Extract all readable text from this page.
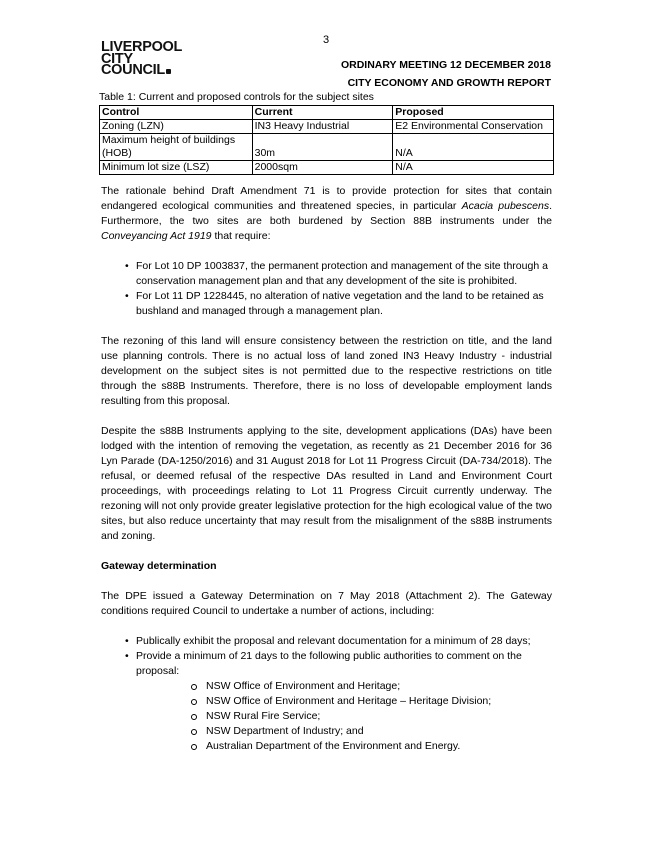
3
LIVERPOOL
CITY
COUNCIL	ORDINARY MEETING 12 DECEMBER 2018
CITY ECONOMY AND GROWTH REPORT
Table 1: Current and proposed controls for the subject sites
Control	Current	Proposed
Zoning (LZN)	IN3 Heavy Industrial	E2 Environmental Conservation
Maximum height of buildings (HOB)	30m	N/A
Minimum lot size (LSZ)	2000sqm	N/A

The rationale behind Draft Amendment 71 is to provide protection for sites that contain endangered ecological communities and threatened species, in particular Acacia pubescens. Furthermore, the two sites are both burdened by Section 88B instruments under the Conveyancing Act 1919 that require:

• For Lot 10 DP 1003837, the permanent protection and management of the site through a conservation management plan and that any development of the site is prohibited.
• For Lot 11 DP 1228445, no alteration of native vegetation and the land to be retained as bushland and managed through a management plan.

The rezoning of this land will ensure consistency between the restriction on title, and the land use planning controls. There is no actual loss of land zoned IN3 Heavy Industry - industrial development on the subject sites is not permitted due to the respective restrictions on title through the s88B Instruments. Therefore, there is no loss of developable employment lands resulting from this proposal.

Despite the s88B Instruments applying to the site, development applications (DAs) have been lodged with the intention of removing the vegetation, as recently as 21 December 2016 for 36 Lyn Parade (DA-1250/2016) and 31 August 2018 for Lot 11 Progress Circuit (DA-734/2018). The refusal, or deemed refusal of the respective DAs resulted in Land and Environment Court proceedings, with proceedings relating to Lot 11 Progress Circuit currently underway. The rezoning will not only provide greater legislative protection for the high ecological value of the two sites, but also reduce uncertainty that may result from the misalignment of the s88B instruments and zoning.

Gateway determination

The DPE issued a Gateway Determination on 7 May 2018 (Attachment 2). The Gateway conditions required Council to undertake a number of actions, including:

• Publically exhibit the proposal and relevant documentation for a minimum of 28 days;
• Provide a minimum of 21 days to the following public authorities to comment on the proposal:
NSW Office of Environment and Heritage;
NSW Office of Environment and Heritage – Heritage Division;
NSW Rural Fire Service;
NSW Department of Industry; and
Australian Department of the Environment and Energy.
